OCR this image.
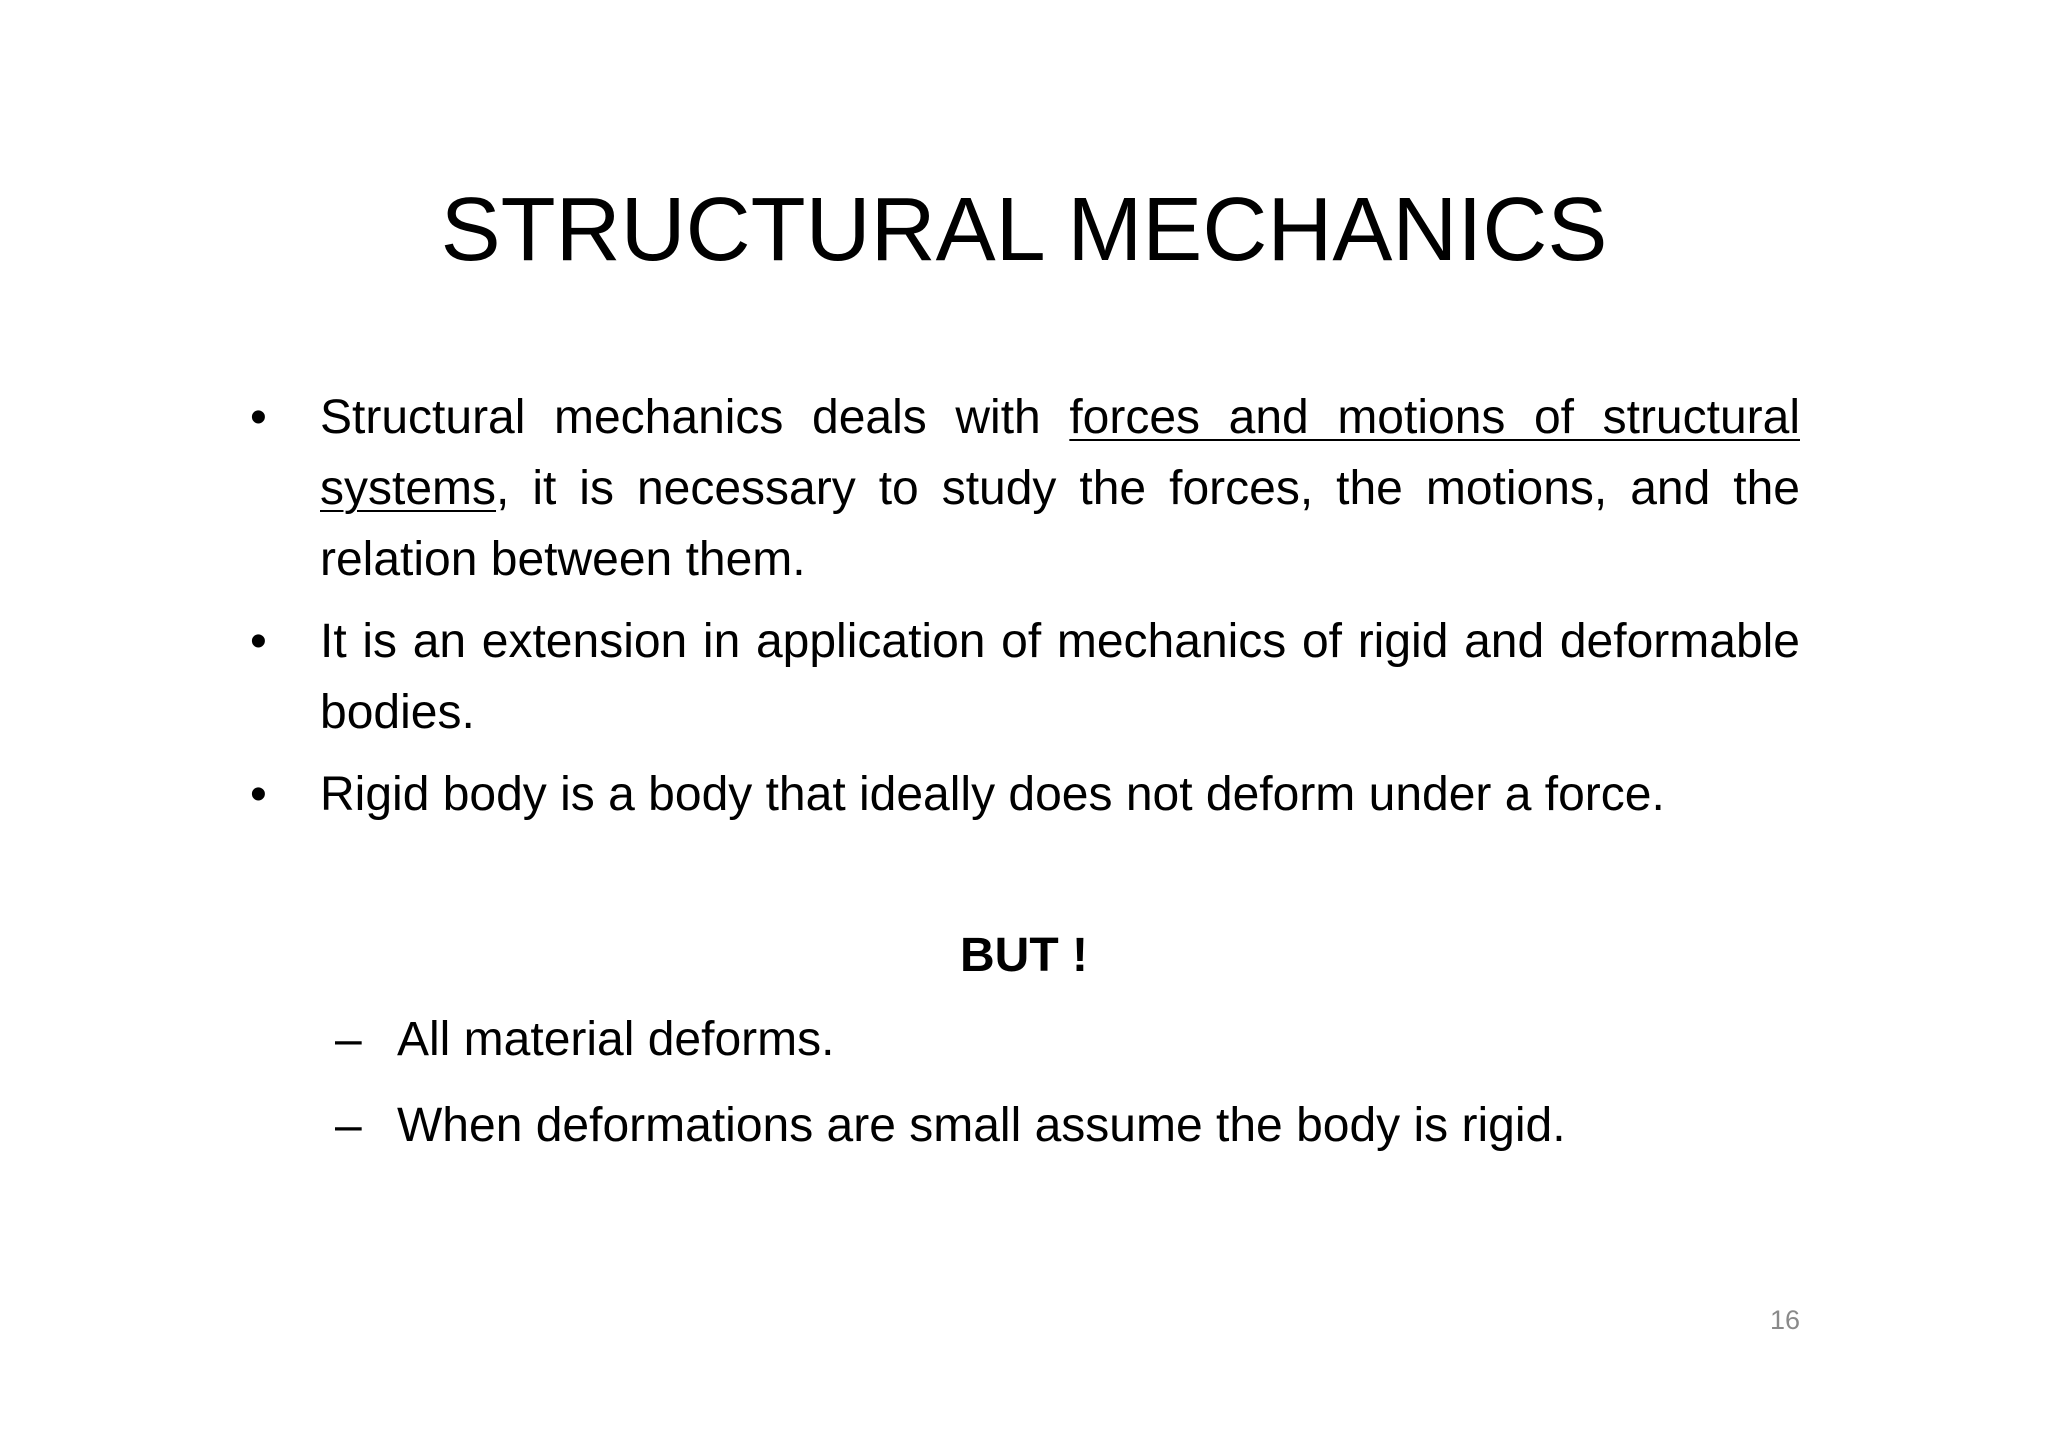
STRUCTURAL MECHANICS
•	Structural mechanics deals with forces and motions of structural systems, it is necessary to study the forces, the motions, and the relation between them.
•	It is an extension in application of mechanics of rigid and deformable bodies.
•	Rigid body is a body that ideally does not deform under a force.
BUT !
– All material deforms.
– When deformations are small assume the body is rigid.
16
